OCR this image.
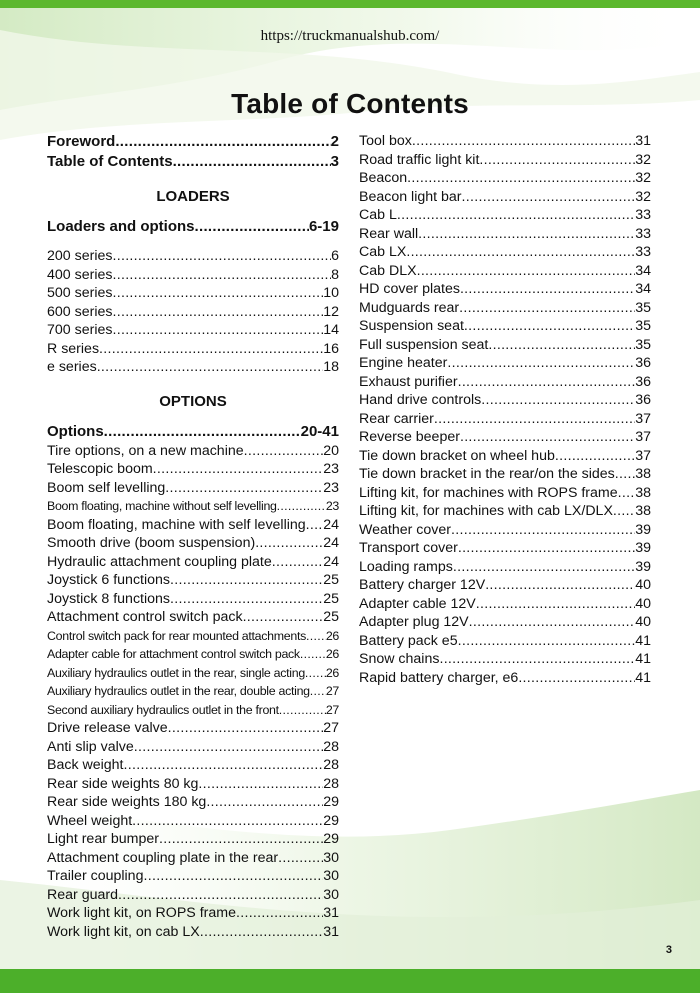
https://truckmanualshub.com/
Table of Contents
Foreword .....	2
Table of Contents .....	3
LOADERS
Loaders and options .....	6-19
200 series .....	6
400 series .....	8
500 series .....	10
600 series .....	12
700 series .....	14
R series .....	16
e series .....	18
OPTIONS
Options .....	20-41
Tire options, on a new machine .....	20
Telescopic boom .....	23
Boom self levelling .....	23
Boom floating, machine without self levelling .....	23
Boom floating, machine with self levelling ..... 24
Smooth drive (boom suspension) .....	24
Hydraulic attachment coupling plate .....	24
Joystick 6 functions .....	25
Joystick 8 functions .....	25
Attachment control switch pack .....	25
Control switch pack for rear mounted attachments ..... 26
Adapter cable for attachment control switch pack ..... 26
Auxiliary hydraulics outlet in the rear, single acting ..... 26
Auxiliary hydraulics outlet in the rear, double acting ..... 27
Second auxiliary hydraulics outlet in the front .....	27
Drive release valve .....	27
Anti slip valve .....	28
Back weight .....	28
Rear side weights 80 kg .....	28
Rear side weights 180 kg .....	29
Wheel weight .....	29
Light rear bumper .....	29
Attachment coupling plate in the rear .....	30
Trailer coupling .....	30
Rear guard .....	30
Work light kit, on ROPS frame .....	31
Work light kit, on cab LX .....	31
Tool box .....	31
Road traffic light kit .....	32
Beacon .....	32
Beacon light bar .....	32
Cab L .....	33
Rear wall .....	33
Cab LX .....	33
Cab DLX .....	34
HD cover plates .....	34
Mudguards rear .....	35
Suspension seat .....	35
Full suspension seat .....	35
Engine heater .....	36
Exhaust purifier .....	36
Hand drive controls .....	36
Rear carrier .....	37
Reverse beeper .....	37
Tie down bracket on wheel hub .....	37
Tie down bracket in the rear/on the sides ..... 38
Lifting kit, for machines with ROPS frame ..... 38
Lifting kit, for machines with cab LX/DLX ..... 38
Weather cover .....	39
Transport cover .....	39
Loading ramps .....	39
Battery charger 12V .....	40
Adapter cable 12V .....	40
Adapter plug 12V .....	40
Battery pack e5 .....	41
Snow chains .....	41
Rapid battery charger, e6 .....	41
3
